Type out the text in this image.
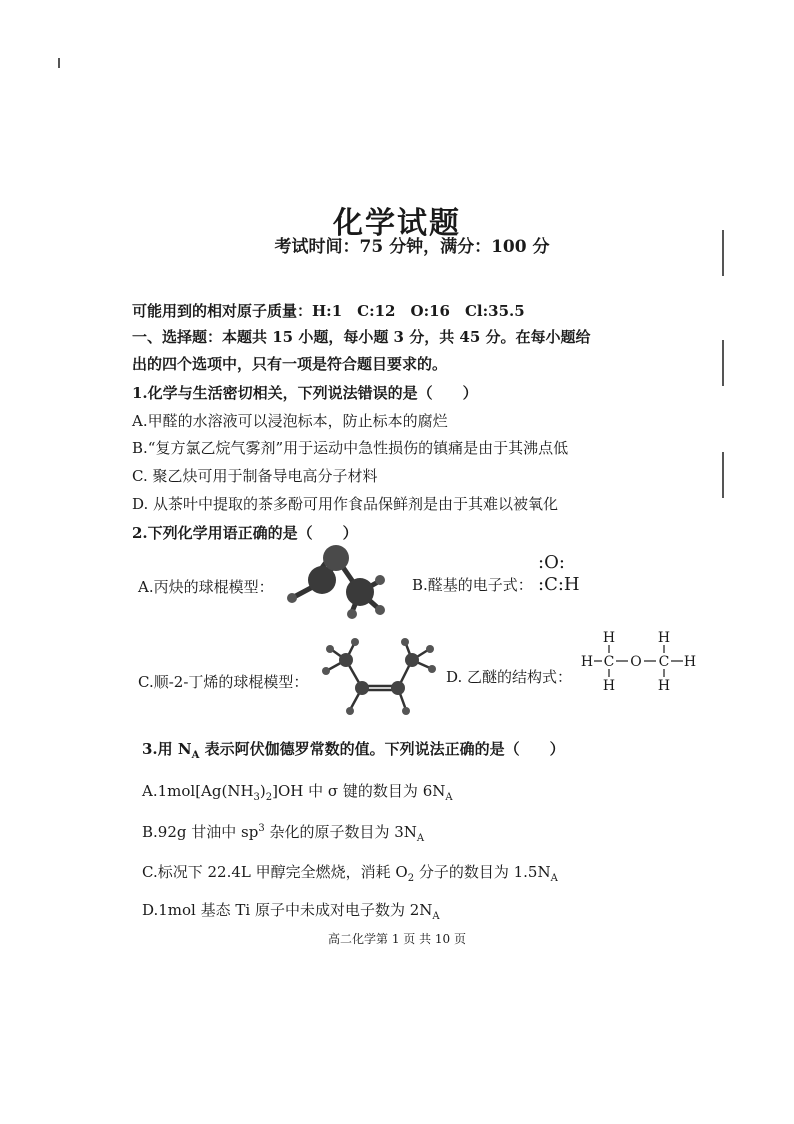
化学试题
考试时间：75 分钟，满分：100 分
可能用到的相对原子质量：H:1　C:12　O:16　Cl:35.5
一、选择题：本题共 15 小题，每小题 3 分，共 45 分。在每小题给
出的四个选项中，只有一项是符合题目要求的。
1.化学与生活密切相关，下列说法错误的是（　　）
A.甲醛的水溶液可以浸泡标本，防止标本的腐烂
B.“复方氯乙烷气雾剂”用于运动中急性损伤的镇痛是由于其沸点低
C. 聚乙炔可用于制备导电高分子材料
D. 从茶叶中提取的茶多酚可用作食品保鲜剂是由于其难以被氧化
2.下列化学用语正确的是（　　）
A.丙炔的球棍模型：	B.醛基的电子式：
:O:
:C:H
C.顺-2-丁烯的球棍模型：	D. 乙醚的结构式：
H
H C
H
O
H
C
H
H
3.用 $N_A$ 表示阿伏伽德罗常数的值。下列说法正确的是（　　）
$A.1mol[Ag(NH_3)_2]OH$ 中 σ 键的数目为 $6N_A$
B.92g 甘油中 $sp^3$ 杂化的原子数目为 $3N_A$
C.标况下 22.4L 甲醇完全燃烧，消耗 $O_2$ 分子的数目为 $1.5N_A$
D.1mol 基态 Ti 原子中未成对电子数为 $2N_A$
高二化学第 1 页 共 10 页
